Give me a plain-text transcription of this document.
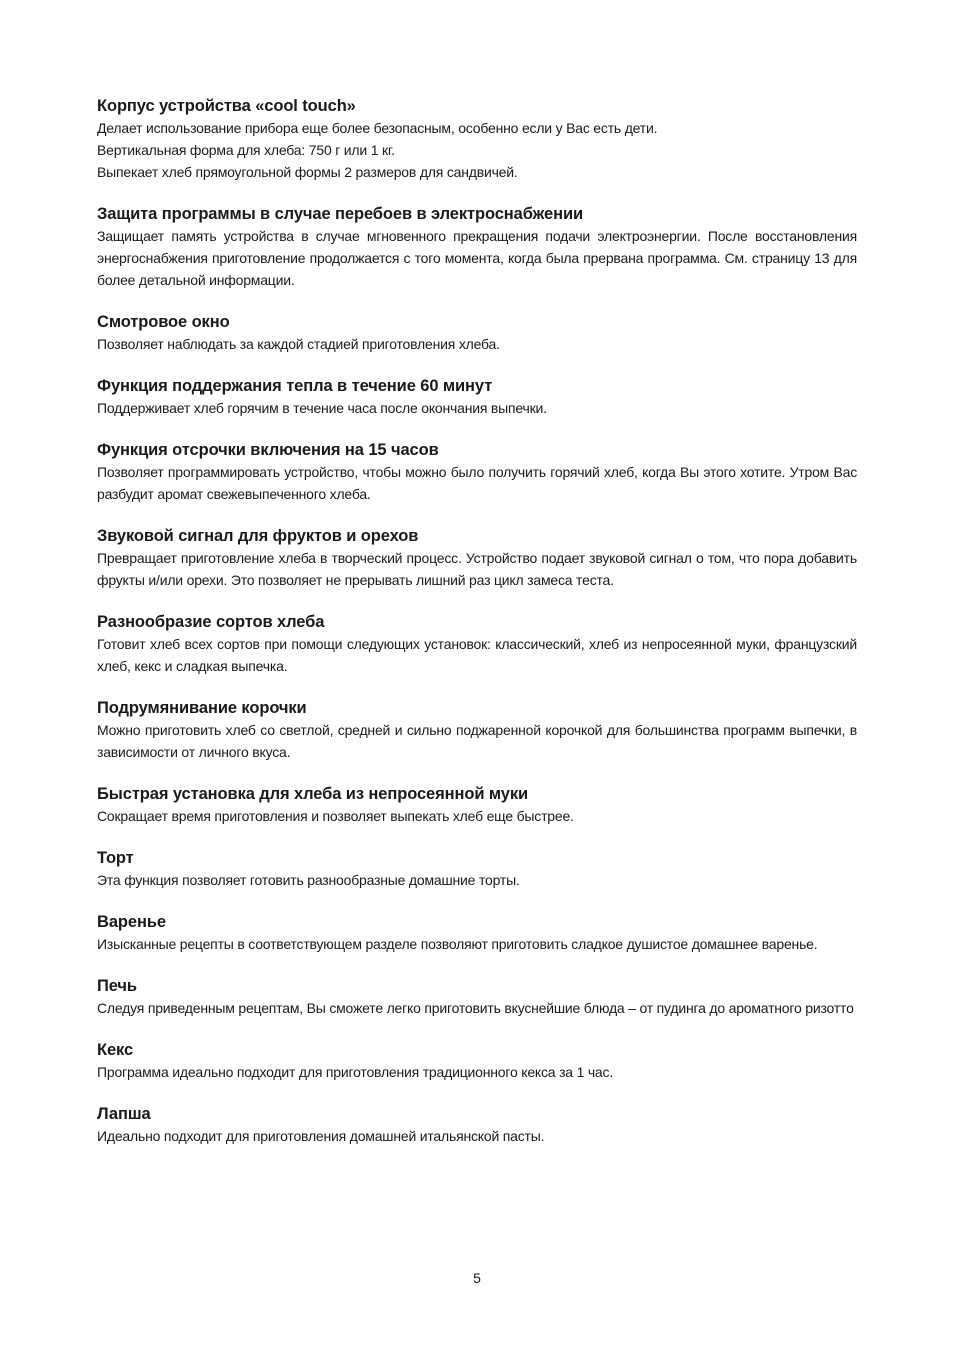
Корпус устройства «cool touch»

Делает использование прибора еще более безопасным, особенно если у Вас есть дети.

Вертикальная форма для хлеба: 750 г или 1 кг.

Выпекает хлеб прямоугольной формы 2 размеров для сандвичей.

Защита программы в случае перебоев в электроснабжении

Защищает память устройства в случае мгновенного прекращения подачи электроэнергии. После восстановления энергоснабжения приготовление продолжается с того момента, когда была прервана программа. См. страницу 13 для более детальной информации.

Смотровое окно

Позволяет наблюдать за каждой стадией приготовления хлеба.

Функция поддержания тепла в течение 60 минут

Поддерживает хлеб горячим в течение часа после окончания выпечки.

Функция отсрочки включения на 15 часов

Позволяет программировать устройство, чтобы можно было получить горячий хлеб, когда Вы этого хотите. Утром Вас разбудит аромат свежевыпеченного хлеба.

Звуковой сигнал для фруктов и орехов

Превращает приготовление хлеба в творческий процесс. Устройство подает звуковой сигнал о том, что пора добавить фрукты и/или орехи. Это позволяет не прерывать лишний раз цикл замеса теста.

Разнообразие сортов хлеба

Готовит хлеб всех сортов при помощи следующих установок: классический, хлеб из непросеянной муки, французский хлеб, кекс и сладкая выпечка.

Подрумянивание корочки

Можно приготовить хлеб со светлой, средней и сильно поджаренной корочкой для большинства программ выпечки, в зависимости от личного вкуса.

Быстрая установка для хлеба из непросеянной муки

Сокращает время приготовления и позволяет выпекать хлеб еще быстрее.

Торт

Эта функция позволяет готовить разнообразные домашние торты.

Варенье

Изысканные рецепты в соответствующем разделе позволяют приготовить сладкое душистое домашнее варенье.

Печь

Следуя приведенным рецептам, Вы сможете легко приготовить вкуснейшие блюда – от пудинга до ароматного ризотто

Кекс

Программа идеально подходит для приготовления традиционного кекса за 1 час.

Лапша

Идеально подходит для приготовления домашней итальянской пасты.

5
